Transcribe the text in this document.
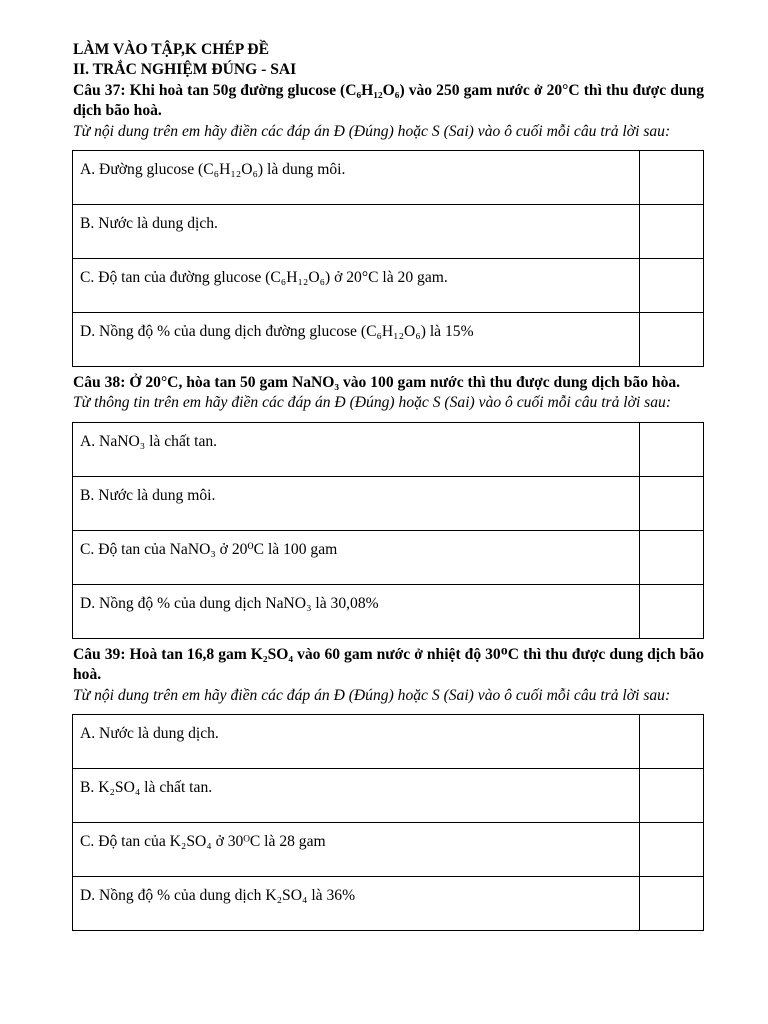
LÀM VÀO TẬP,K CHÉP ĐỀ
II. TRẮC NGHIỆM ĐÚNG - SAI
Câu 37: Khi hoà tan 50g đường glucose (C₆H₁₂O₆) vào 250 gam nước ở 20°C thì thu được dung dịch bão hoà.
Từ nội dung trên em hãy điền các đáp án Đ (Đúng) hoặc S (Sai) vào ô cuối mỗi câu trả lời sau:
A. Đường glucose (C₆H₁₂O₆) là dung môi.	
B. Nước là dung dịch.	
C. Độ tan của đường glucose (C₆H₁₂O₆) ở 20°C là 20 gam.	
D. Nồng độ % của dung dịch đường glucose (C₆H₁₂O₆) là 15%	
Câu 38: Ở 20°C, hòa tan 50 gam NaNO₃ vào 100 gam nước thì thu được dung dịch bão hòa.
Từ thông tin trên em hãy điền các đáp án Đ (Đúng) hoặc S (Sai) vào ô cuối mỗi câu trả lời sau:
A. NaNO₃ là chất tan.	
B. Nước là dung môi.	
C. Độ tan của NaNO₃ ở 20⁰C là 100 gam	
D. Nồng độ % của dung dịch NaNO₃ là 30,08%	
Câu 39: Hoà tan 16,8 gam K₂SO₄ vào 60 gam nước ở nhiệt độ 30ᴼC thì thu được dung dịch bão hoà.
Từ nội dung trên em hãy điền các đáp án Đ (Đúng) hoặc S (Sai) vào ô cuối mỗi câu trả lời sau:
A. Nước là dung dịch.	
B. K₂SO₄ là chất tan.	
C. Độ tan của K₂SO₄ ở 30ᴼC là 28 gam	
D. Nồng độ % của dung dịch K₂SO₄ là 36%	
